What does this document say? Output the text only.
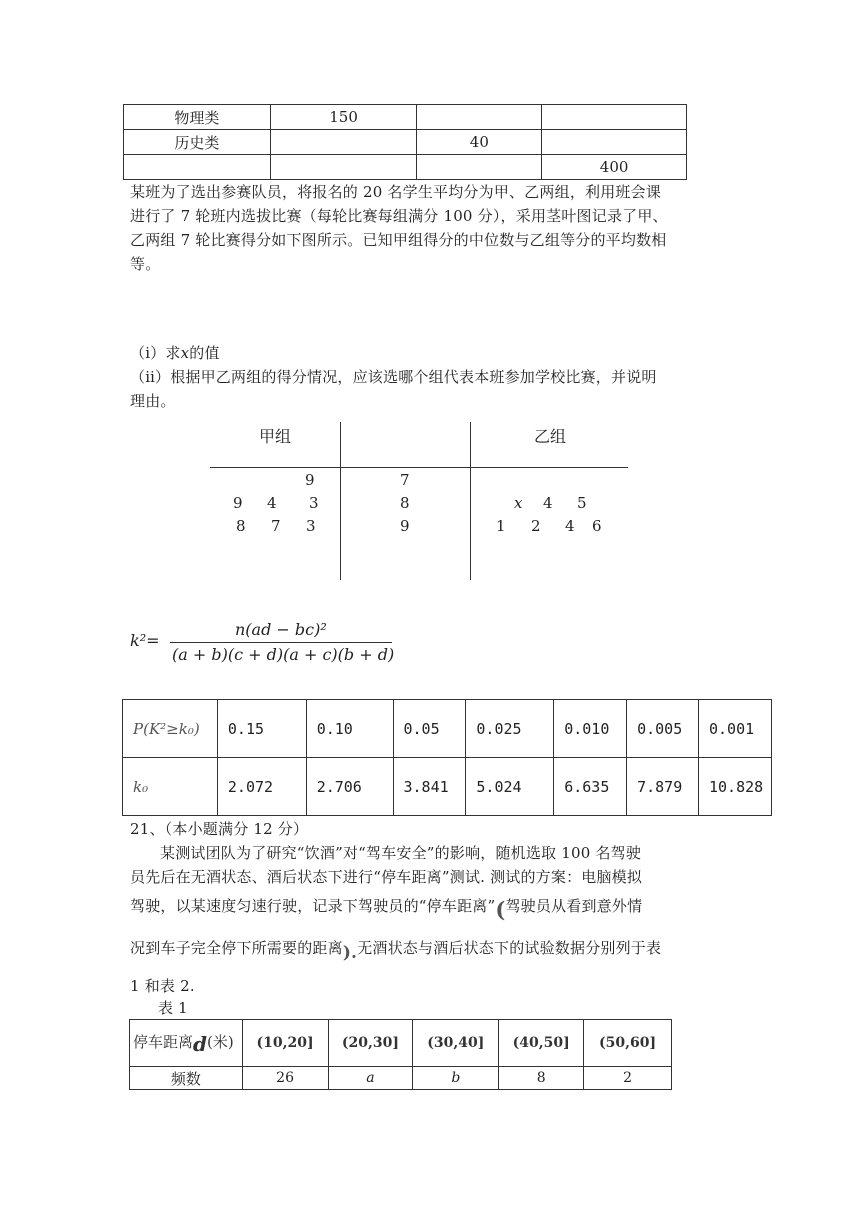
物理类	150		
历史类		40	
			400
某班为了选出参赛队员，将报名的 20 名学生平均分为甲、乙两组，利用班会课
进行了 7 轮班内选拔比赛（每轮比赛每组满分 100 分），采用茎叶图记录了甲、
乙两组 7 轮比赛得分如下图所示。已知甲组得分的中位数与乙组等分的平均数相
等。
（ⅰ）求x的值
（ⅱ）根据甲乙两组的得分情况，应该选哪个组代表本班参加学校比赛，并说明
理由。
甲组	乙组
9	7
9 4 3	8	x 4 5
8 7 3	9	1 2 4 6
k²=
n(ad − bc)²
(a + b)(c + d)(a + c)(b + d)
P(K²≥k₀)	0.15	0.10	0.05	0.025	0.010	0.005	0.001
k₀	2.072	2.706	3.841	5.024	6.635	7.879	10.828
21、（本小题满分 12 分）
某测试团队为了研究“饮酒”对“驾车安全”的影响，随机选取 100 名驾驶
员先后在无酒状态、酒后状态下进行“停车距离”测试. 测试的方案：电脑模拟
驾驶，以某速度匀速行驶，记录下驾驶员的“停车距离”(驾驶员从看到意外情
况到车子完全停下所需要的距离).无酒状态与酒后状态下的试验数据分别列于表
1 和表 2.
表 1
停车距离d(米)	(10,20]	(20,30]	(30,40]	(40,50]	(50,60]
频数	26	a	b	8	2
